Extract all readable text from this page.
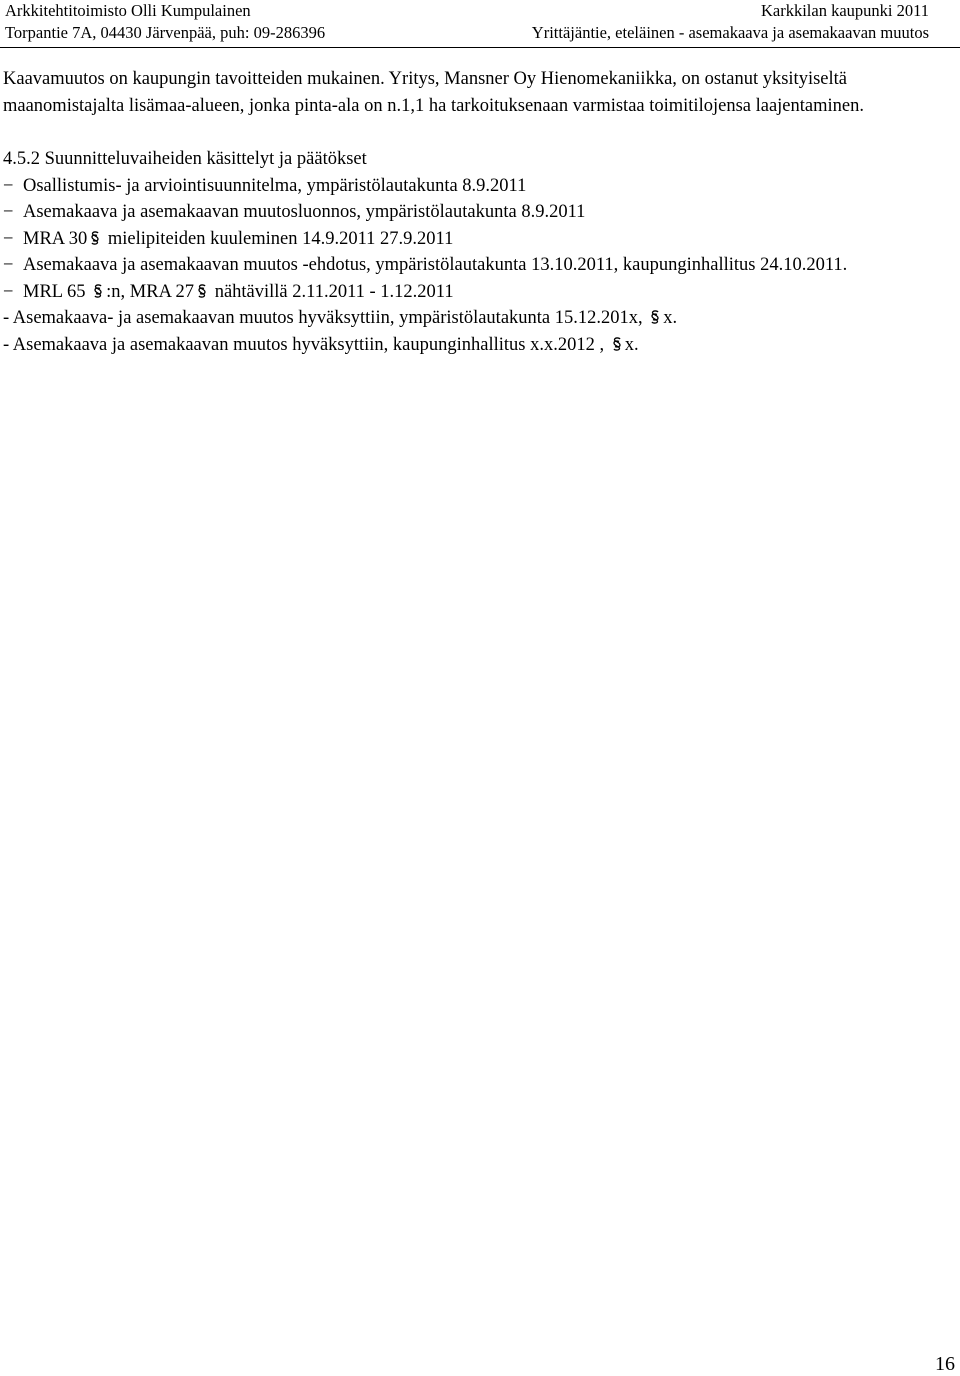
Arkkitehtitoimisto Olli Kumpulainen	Karkkilan kaupunki 2011
Torpantie 7A, 04430 Järvenpää, puh: 09-286396	Yrittäjäntie, eteläinen - asemakaava ja asemakaavan muutos

Kaavamuutos on kaupungin tavoitteiden mukainen. Yritys, Mansner Oy Hienomekaniikka, on ostanut yksityiseltä maanomistajalta lisämaa-alueen, jonka pinta-ala on n.1,1 ha tarkoituksenaan varmistaa toimitilojensa laajentaminen.

4.5.2 Suunnitteluvaiheiden käsittelyt ja päätökset

− Osallistumis- ja arviointisuunnitelma, ympäristölautakunta 8.9.2011

− Asemakaava ja asemakaavan muutosluonnos, ympäristölautakunta 8.9.2011

− MRA 30 mielipiteiden kuuleminen 14.9.2011 27.9.2011

− Asemakaava ja asemakaavan muutos -ehdotus, ympäristölautakunta 13.10.2011, kaupunginhallitus 24.10.2011.

− MRL 65 :n, MRA 27 nähtävillä 2.11.2011 - 1.12.2011

- Asemakaava- ja asemakaavan muutos hyväksyttiin, ympäristölautakunta 15.12.201x, x.

- Asemakaava ja asemakaavan muutos hyväksyttiin, kaupunginhallitus x.x.2012 , x.

16
